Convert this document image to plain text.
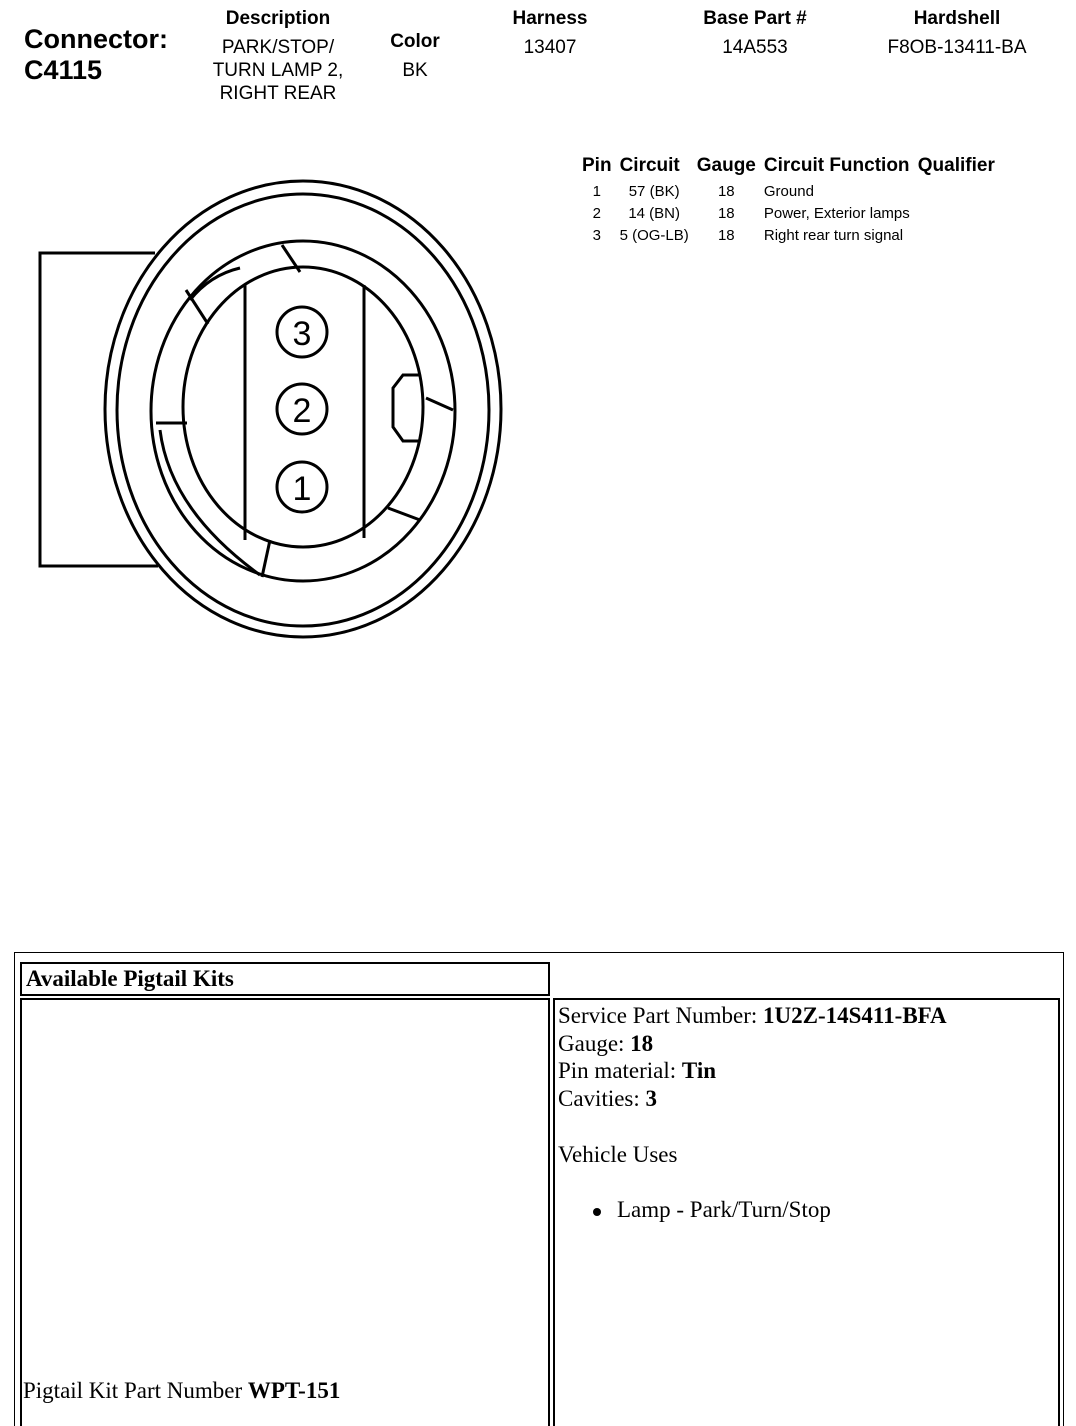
Connector:
C4115
Description
PARK/STOP/
TURN LAMP 2,
RIGHT REAR
Color
BK
Harness
13407
Base Part #
14A553
Hardshell
F8OB-13411-BA
3
2
1
Pin	Circuit	Gauge	Circuit Function	Qualifier
1	57 (BK)	18	Ground	
2	14 (BN)	18	Power, Exterior lamps	
3	5 (OG-LB)	18	Right rear turn signal	
Available Pigtail Kits
Pigtail Kit Part Number WPT-151
Service Part Number: 1U2Z-14S411-BFA
Gauge: 18
Pin material: Tin
Cavities: 3
Vehicle Uses
Lamp - Park/Turn/Stop
